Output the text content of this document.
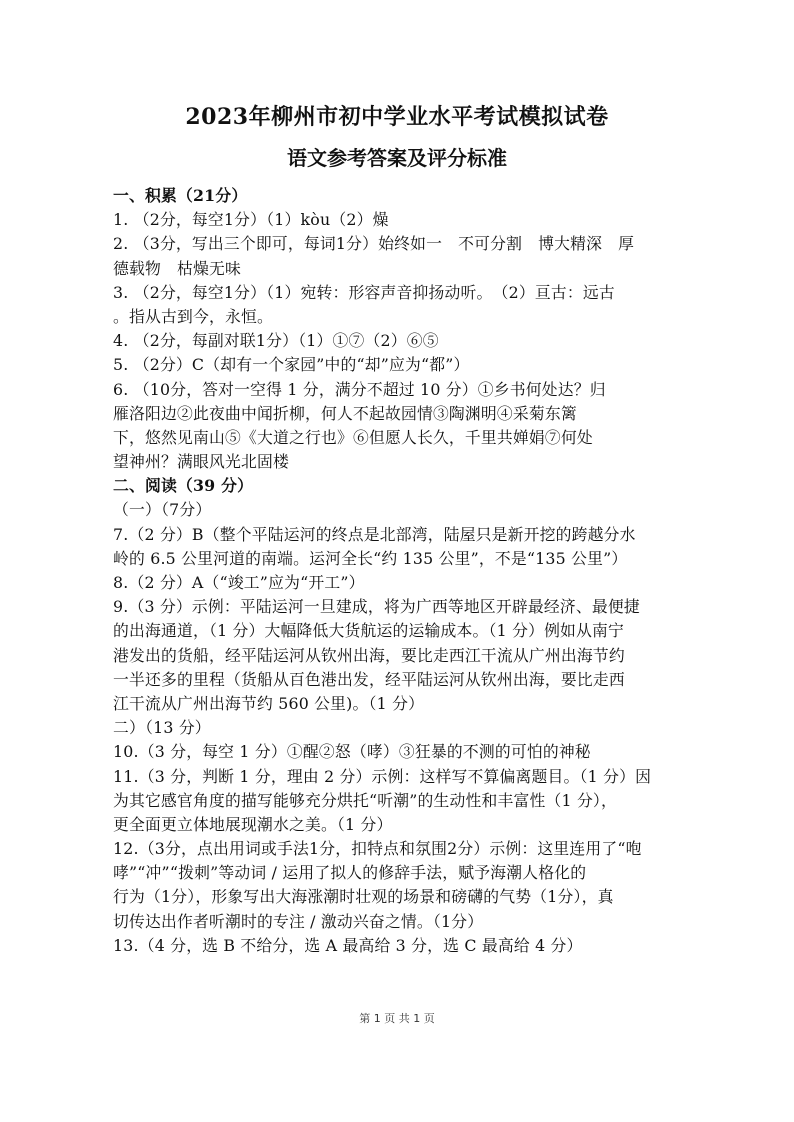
2023年柳州市初中学业水平考试模拟试卷
语文参考答案及评分标准
一、积累（21分）
1. （2分，每空1分）（1）kòu（2）燥
2. （3分，写出三个即可，每词1分）始终如一　不可分割　博大精深　厚
德载物　枯燥无味
3. （2分，每空1分）（1）宛转：形容声音抑扬动听。　（2）亘古：远古
。指从古到今，永恒。
4. （2分，每副对联1分）（1）①⑦（2）⑥⑤
5. （2分）C（却有一个家园”中的“却”应为“都”）
6. （10分，答对一空得 1 分，满分不超过 10 分）①乡书何处达？归
雁洛阳边②此夜曲中闻折柳，何人不起故园情③陶渊明④采菊东篱
下，悠然见南山⑤《大道之行也》⑥但愿人长久，千里共婵娟⑦何处
望神州？满眼风光北固楼
二、阅读（39 分）
（一）（7分）
7.（2 分）B（整个平陆运河的终点是北部湾，陆屋只是新开挖的跨越分水
岭的 6.5 公里河道的南端。运河全长“约 135 公里”，不是“135 公里”）
8.（2 分）A（“竣工”应为“开工”）
9.（3 分）示例：平陆运河一旦建成，将为广西等地区开辟最经济、最便捷
的出海通道，（1 分）大幅降低大货航运的运输成本。（1 分）例如从南宁
港发出的货船，经平陆运河从钦州出海，要比走西江干流从广州出海节约
一半还多的里程（货船从百色港出发，经平陆运河从钦州出海，要比走西
江干流从广州出海节约 560 公里)。（1 分）
二）（13 分）
10.（3 分，每空 1 分）①醒②怒（哮）③狂暴的不测的可怕的神秘
11.（3 分，判断 1 分，理由 2 分）示例：这样写不算偏离题目。（1 分）因
为其它感官角度的描写能够充分烘托“听潮”的生动性和丰富性（1 分），
更全面更立体地展现潮水之美。（1 分）
12.（3分，点出用词或手法1分，扣特点和氛围2分）示例：这里连用了“咆
哮”“冲”“拨刺”等动词 / 运用了拟人的修辞手法，赋予海潮人格化的
行为（1分），形象写出大海涨潮时壮观的场景和磅礴的气势（1分），真
切传达出作者听潮时的专注 / 激动兴奋之情。（1分）
13.（4 分，选 B 不给分，选 A 最高给 3 分，选 C 最高给 4 分）
第 1 页 共 1 页
